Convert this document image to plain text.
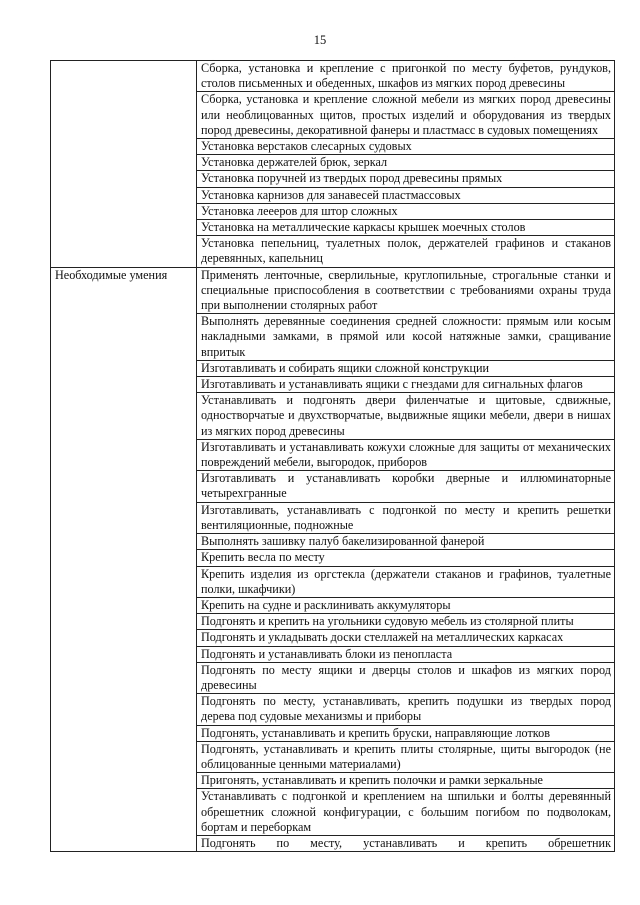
15
	Сборка, установка и крепление с пригонкой по месту буфетов, рундуков, столов письменных и обеденных, шкафов из мягких пород древесины
	Сборка, установка и крепление сложной мебели из мягких пород древесины или необлицованных щитов, простых изделий и оборудования из твердых пород древесины, декоративной фанеры и пластмасс в судовых помещениях
	Установка верстаков слесарных судовых
	Установка держателей брюк, зеркал
	Установка поручней из твердых пород древесины прямых
	Установка карнизов для занавесей пластмассовых
	Установка леееров для штор сложных
	Установка на металлические каркасы крышек моечных столов
	Установка пепельниц, туалетных полок, держателей графинов и стаканов деревянных, капельниц
Необходимые умения	Применять ленточные, сверлильные, круглопильные, строгальные станки и специальные приспособления в соответствии с требованиями охраны труда при выполнении столярных работ
	Выполнять деревянные соединения средней сложности: прямым или косым накладными замками, в прямой или косой натяжные замки, сращивание впритык
	Изготавливать и собирать ящики сложной конструкции
	Изготавливать и устанавливать ящики с гнездами для сигнальных флагов
	Устанавливать и подгонять двери филенчатые и щитовые, сдвижные, одностворчатые и двухстворчатые, выдвижные ящики мебели, двери в нишах из мягких пород древесины
	Изготавливать и устанавливать кожухи сложные для защиты от механических повреждений мебели, выгородок, приборов
	Изготавливать и устанавливать коробки дверные и иллюминаторные четырехгранные
	Изготавливать, устанавливать с подгонкой по месту и крепить решетки вентиляционные, подножные
	Выполнять зашивку палуб бакелизированной фанерой
	Крепить весла по месту
	Крепить изделия из оргстекла (держатели стаканов и графинов, туалетные полки, шкафчики)
	Крепить на судне и расклинивать аккумуляторы
	Подгонять и крепить на угольники судовую мебель из столярной плиты
	Подгонять и укладывать доски стеллажей на металлических каркасах
	Подгонять и устанавливать блоки из пенопласта
	Подгонять по месту ящики и дверцы столов и шкафов из мягких пород древесины
	Подгонять по месту, устанавливать, крепить подушки из твердых пород дерева под судовые механизмы и приборы
	Подгонять, устанавливать и крепить бруски, направляющие лотков
	Подгонять, устанавливать и крепить плиты столярные, щиты выгородок (не облицованные ценными материалами)
	Пригонять, устанавливать и крепить полочки и рамки зеркальные
	Устанавливать с подгонкой и креплением на шпильки и болты деревянный обрешетник сложной конфигурации, с большим погибом по подволокам, бортам и переборкам
	Подгонять по месту, устанавливать и крепить обрешетник
